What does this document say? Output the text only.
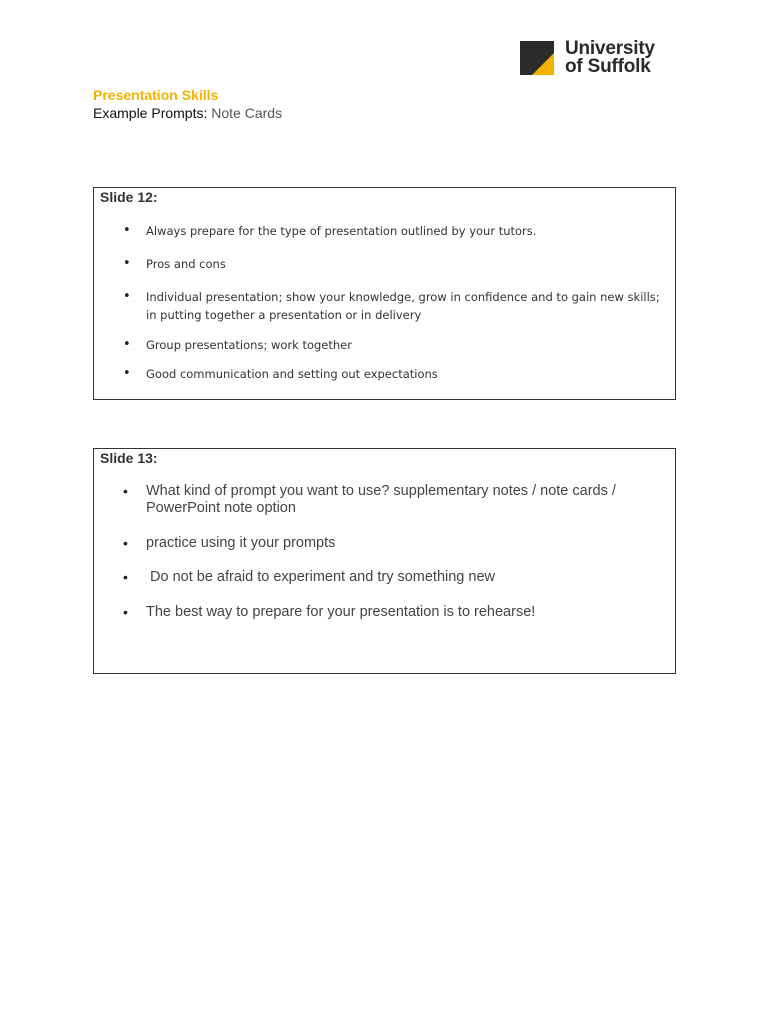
University
of Suffolk
Presentation Skills
Example Prompts: Note Cards
Slide 12:
• Always prepare for the type of presentation outlined by your tutors.
• Pros and cons
• Individual presentation; show your knowledge, grow in confidence and to gain new skills; in putting together a presentation or in delivery
• Group presentations; work together
• Good communication and setting out expectations
Slide 13:
• What kind of prompt you want to use? supplementary notes / note cards / PowerPoint note option
• practice using it your prompts
•  Do not be afraid to experiment and try something new
• The best way to prepare for your presentation is to rehearse!
